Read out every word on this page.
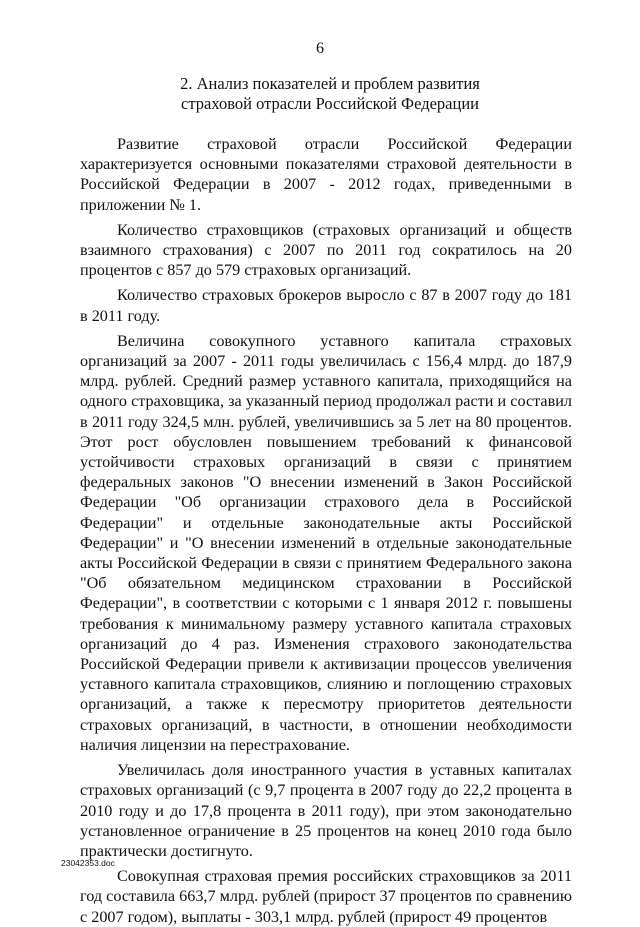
6
2. Анализ показателей и проблем развития
страховой отрасли Российской Федерации

Развитие страховой отрасли Российской Федерации характеризуется основными показателями страховой деятельности в Российской Федерации в 2007 - 2012 годах, приведенными в приложении № 1.

Количество страховщиков (страховых организаций и обществ взаимного страхования) с 2007 по 2011 год сократилось на 20 процентов с 857 до 579 страховых организаций.

Количество страховых брокеров выросло с 87 в 2007 году до 181 в 2011 году.

Величина совокупного уставного капитала страховых организаций за 2007 - 2011 годы увеличилась с 156,4 млрд. до 187,9 млрд. рублей. Средний размер уставного капитала, приходящийся на одного страховщика, за указанный период продолжал расти и составил в 2011 году 324,5 млн. рублей, увеличившись за 5 лет на 80 процентов. Этот рост обусловлен повышением требований к финансовой устойчивости страховых организаций в связи с принятием федеральных законов "О внесении изменений в Закон Российской Федерации "Об организации страхового дела в Российской Федерации" и отдельные законодательные акты Российской Федерации" и "О внесении изменений в отдельные законодательные акты Российской Федерации в связи с принятием Федерального закона "Об обязательном медицинском страховании в Российской Федерации", в соответствии с которыми с 1 января 2012 г. повышены требования к минимальному размеру уставного капитала страховых организаций до 4 раз. Изменения страхового законодательства Российской Федерации привели к активизации процессов увеличения уставного капитала страховщиков, слиянию и поглощению страховых организаций, а также к пересмотру приоритетов деятельности страховых организаций, в частности, в отношении необходимости наличия лицензии на перестрахование.

Увеличилась доля иностранного участия в уставных капиталах страховых организаций (с 9,7 процента в 2007 году до 22,2 процента в 2010 году и до 17,8 процента в 2011 году), при этом законодательно установленное ограничение в 25 процентов на конец 2010 года было практически достигнуто.

Совокупная страховая премия российских страховщиков за 2011 год составила 663,7 млрд. рублей (прирост 37 процентов по сравнению с 2007 годом), выплаты - 303,1 млрд. рублей (прирост 49 процентов

23042353.doc
